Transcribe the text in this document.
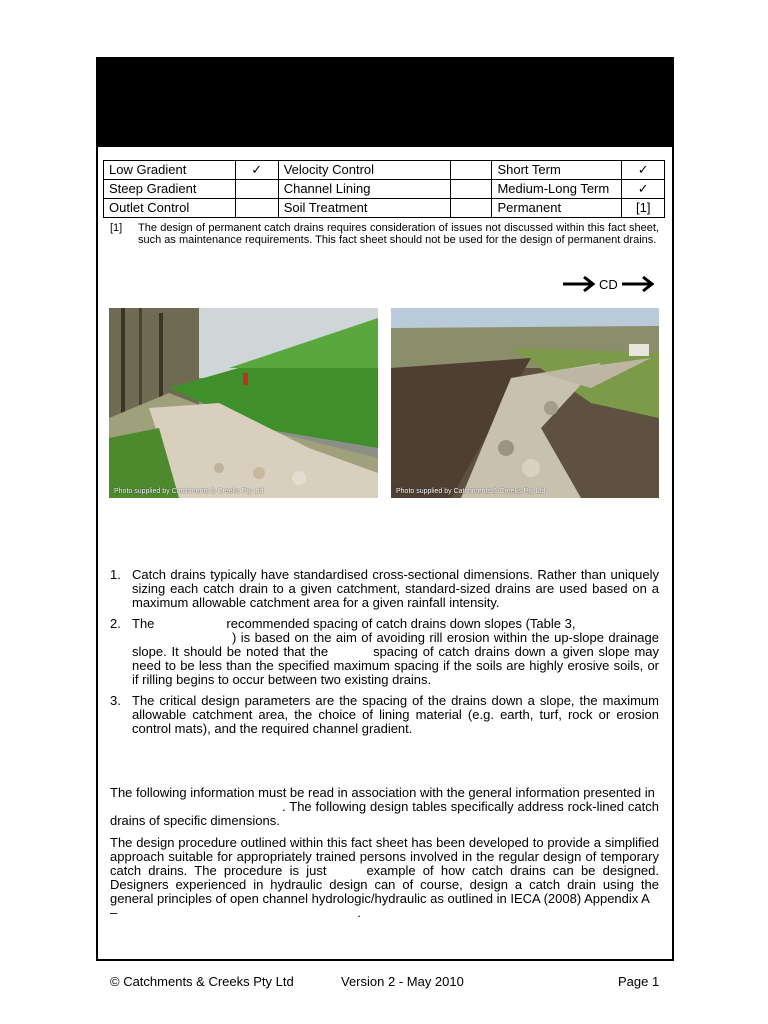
Low Gradient	✓	Velocity Control		Short Term	✓
Steep Gradient		Channel Lining		Medium-Long Term	✓
Outlet Control		Soil Treatment		Permanent	[1]
[1] The design of permanent catch drains requires consideration of issues not discussed within this fact sheet, such as maintenance requirements. This fact sheet should not be used for the design of permanent drains.
CD
Photo supplied by Catchments & Creeks Pty Ltd	Photo supplied by Catchments & Creeks Pty Ltd
1. Catch drains typically have standardised cross-sectional dimensions. Rather than uniquely sizing each catch drain to a given catchment, standard-sized drains are used based on a maximum allowable catchment area for a given rainfall intensity.
2. The	recommended spacing of catch drains down slopes (Table 3,
) is based on the aim of avoiding rill erosion within the up-slope drainage slope. It should be noted that the	spacing of catch drains down a given slope may need to be less than the specified maximum spacing if the soils are highly erosive soils, or if rilling begins to occur between two existing drains.
3. The critical design parameters are the spacing of the drains down a slope, the maximum allowable catchment area, the choice of lining material (e.g. earth, turf, rock or erosion control mats), and the required channel gradient.
The following information must be read in association with the general information presented in
. The following design tables specifically address rock-lined catch drains of specific dimensions.
The design procedure outlined within this fact sheet has been developed to provide a simplified approach suitable for appropriately trained persons involved in the regular design of temporary catch drains. The procedure is just	example of how catch drains can be designed. Designers experienced in hydraulic design can of course, design a catch drain using the general principles of open channel hydrologic/hydraulic as outlined in IECA (2008) Appendix A
–	.
© Catchments & Creeks Pty Ltd	Version 2 - May 2010	Page 1
